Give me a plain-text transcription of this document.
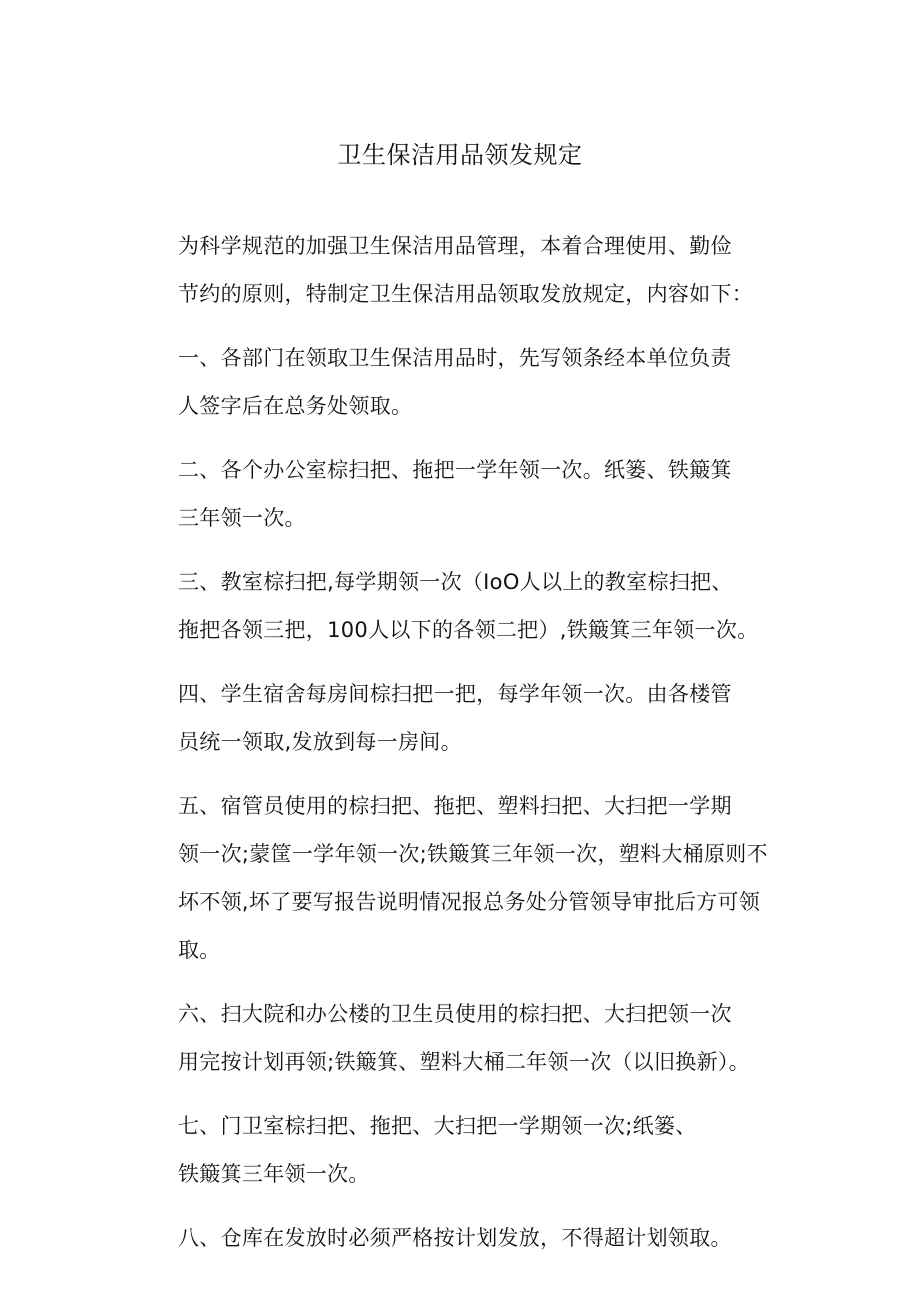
卫生保洁用品领发规定

为科学规范的加强卫生保洁用品管理，本着合理使用、勤俭
节约的原则，特制定卫生保洁用品领取发放规定，内容如下：

一、各部门在领取卫生保洁用品时，先写领条经本单位负责
人签字后在总务处领取。

二、各个办公室棕扫把、拖把一学年领一次。纸篓、铁簸箕
三年领一次。

三、教室棕扫把,每学期领一次（IoO人以上的教室棕扫把、
拖把各领三把，100人以下的各领二把）,铁簸箕三年领一次。

四、学生宿舍每房间棕扫把一把，每学年领一次。由各楼管
员统一领取,发放到每一房间。

五、宿管员使用的棕扫把、拖把、塑料扫把、大扫把一学期
领一次;蒙筐一学年领一次;铁簸箕三年领一次，塑料大桶原则不
坏不领,坏了要写报告说明情况报总务处分管领导审批后方可领
取。

六、扫大院和办公楼的卫生员使用的棕扫把、大扫把领一次
用完按计划再领;铁簸箕、塑料大桶二年领一次（以旧换新）。

七、门卫室棕扫把、拖把、大扫把一学期领一次;纸篓、
铁簸箕三年领一次。

八、仓库在发放时必须严格按计划发放，不得超计划领取。
